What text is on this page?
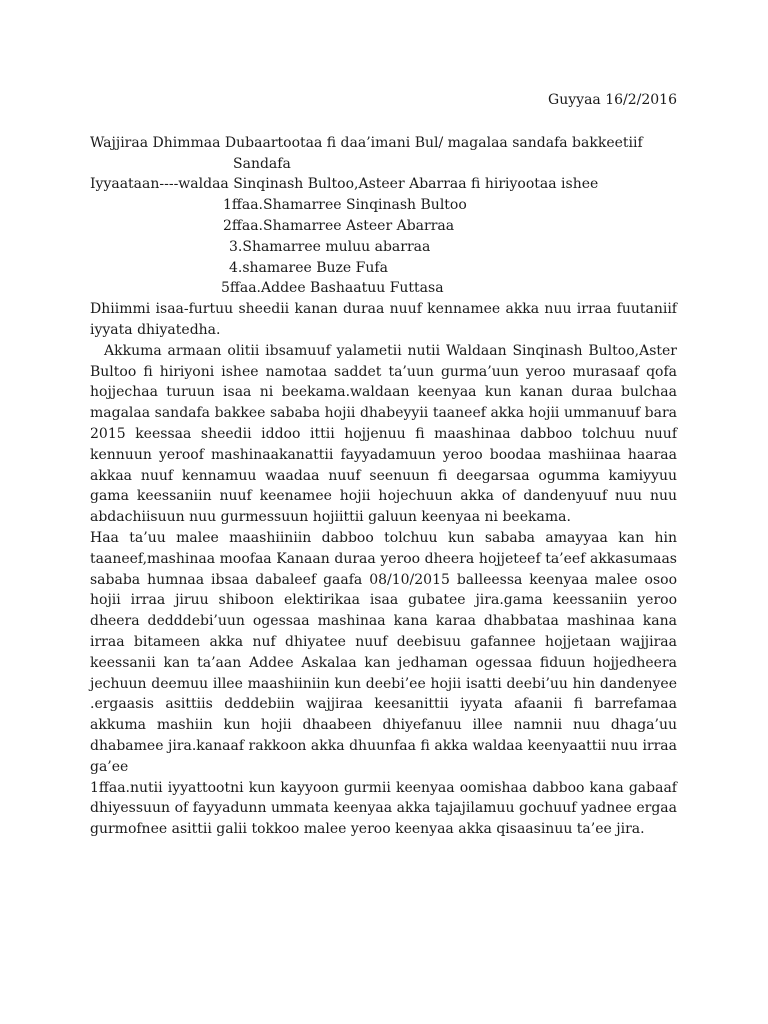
Guyyaa 16/2/2016

Wajjiraa Dhimmaa Dubaartootaa fi daa’imani Bul/ magalaa sandafa bakkeetiif

Sandafa

Iyyaataan----waldaa Sinqinash Bultoo,Asteer Abarraa fi hiriyootaa ishee

1ffaa.Shamarree Sinqinash Bultoo

2ffaa.Shamarree Asteer Abarraa

3.Shamarree muluu abarraa

4.shamaree Buze Fufa

5ffaa.Addee Bashaatuu Futtasa

Dhiimmi isaa-furtuu sheedii kanan duraa nuuf kennamee akka nuu irraa fuutaniif iyyata dhiyatedha.

Akkuma armaan olitii ibsamuuf yalametii nutii Waldaan Sinqinash Bultoo,Aster Bultoo fi hiriyoni ishee namotaa saddet ta’uun gurma’uun yeroo murasaaf qofa hojjechaa turuun isaa ni beekama.waldaan keenyaa kun kanan duraa bulchaa magalaa sandafa bakkee sababa hojii dhabeyyii taaneef akka hojii ummanuuf bara 2015 keessaa sheedii iddoo ittii hojjenuu fi maashinaa dabboo tolchuu nuuf kennuun yeroof mashinaakanattii fayyadamuun yeroo boodaa mashiinaa haaraa akkaa nuuf kennamuu waadaa nuuf seenuun fi deegarsaa ogumma kamiyyuu gama keessaniin nuuf keenamee hojii hojechuun akka of dandenyuuf nuu nuu abdachiisuun nuu gurmessuun hojiittii galuun keenyaa ni beekama.

Haa ta’uu malee maashiiniin dabboo tolchuu kun sababa amayyaa kan hin taaneef,mashinaa moofaa Kanaan duraa yeroo dheera hojjeteef ta’eef akkasumaas sababa humnaa ibsaa dabaleef gaafa 08/10/2015 balleessa keenyaa malee osoo hojii irraa jiruu shiboon elektirikaa isaa gubatee jira.gama keessaniin yeroo dheera dedddebi’uun ogessaa mashinaa kana karaa dhabbataa mashinaa kana irraa bitameen akka nuf dhiyatee nuuf deebisuu gafannee hojjetaan wajjiraa keessanii kan ta’aan Addee Askalaa kan jedhaman ogessaa fiduun hojjedheera jechuun deemuu illee maashiiniin kun deebi’ee hojii isatti deebi’uu hin dandenyee .ergaasis asittiis deddebiin wajjiraa keesanittii iyyata afaanii fi barrefamaa akkuma mashiin kun hojii dhaabeen dhiyefanuu illee namnii nuu dhaga’uu dhabamee jira.kanaaf rakkoon akka dhuunfaa fi akka waldaa keenyaattii nuu irraa ga’ee

1ffaa.nutii iyyattootni kun kayyoon gurmii keenyaa oomishaa dabboo kana gabaaf dhiyessuun of fayyadunn ummata keenyaa akka tajajilamuu gochuuf yadnee ergaa gurmofnee asittii galii tokkoo malee yeroo keenyaa akka qisaasinuu ta’ee jira.
